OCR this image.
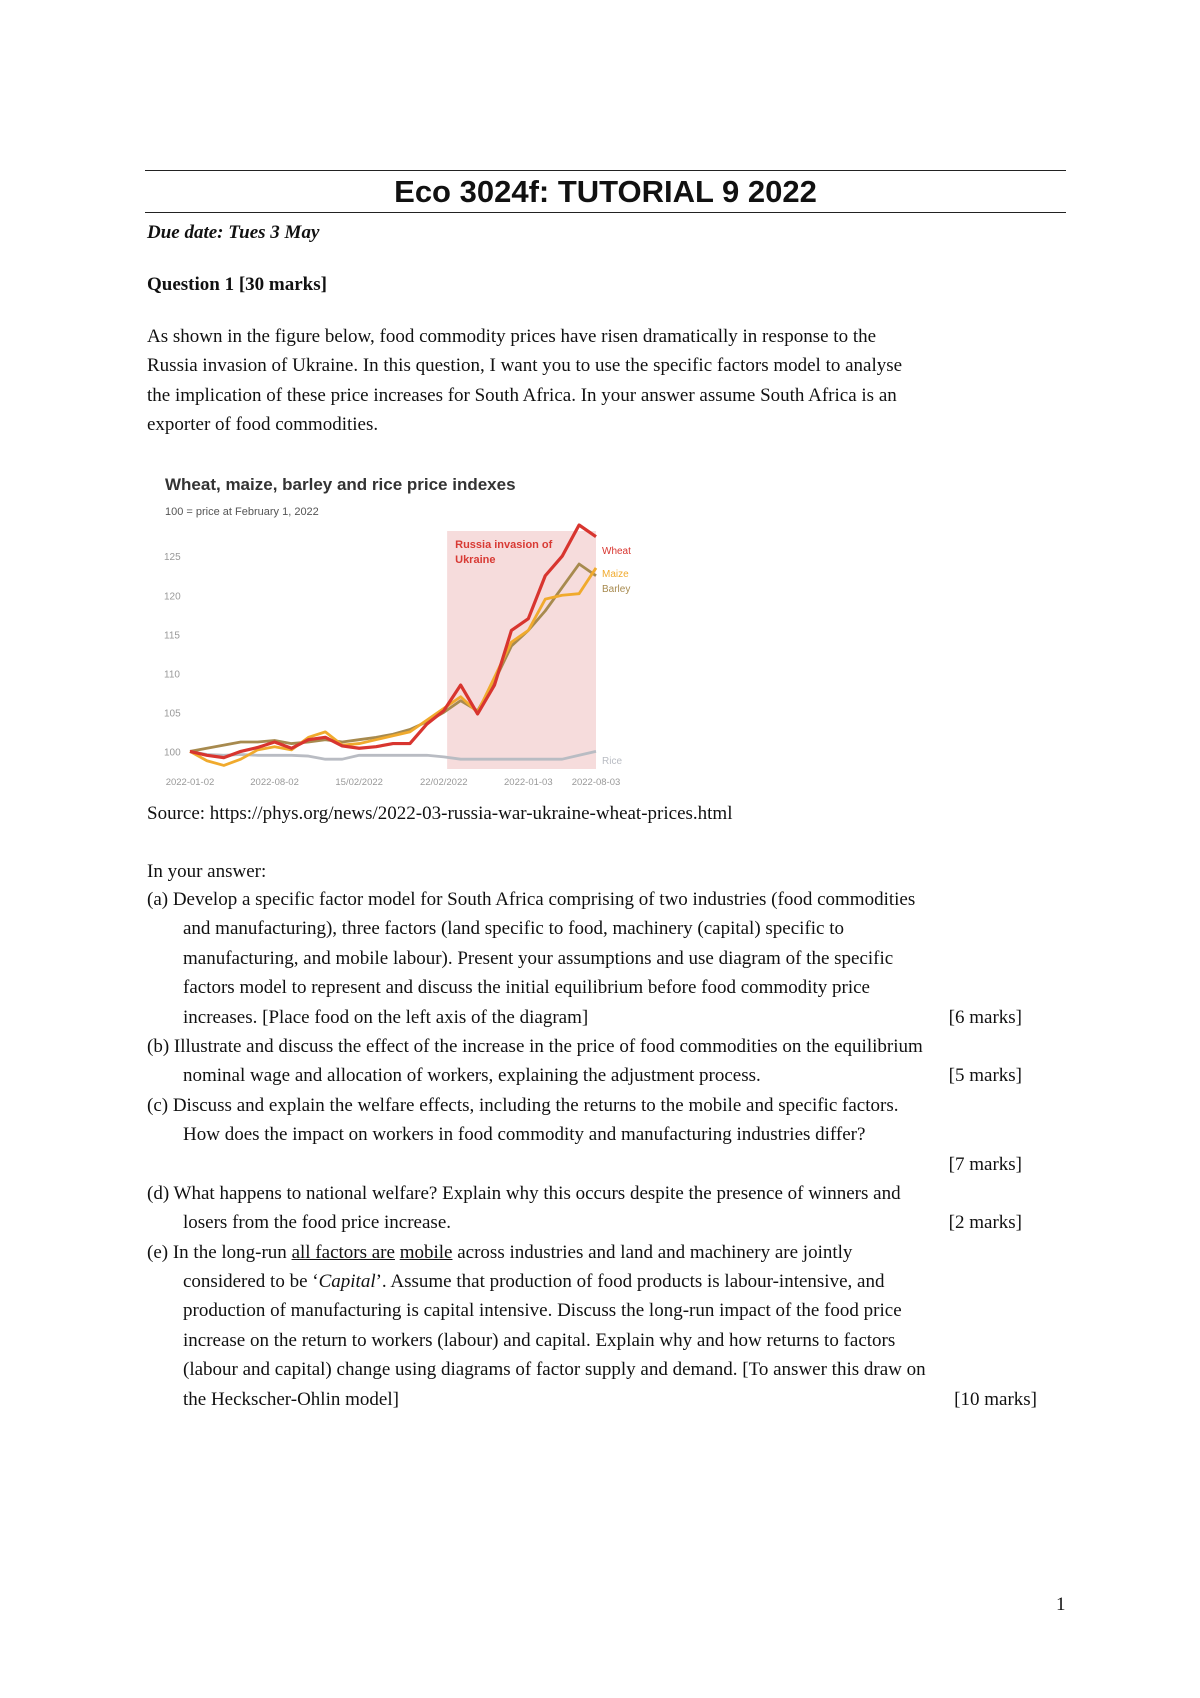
Eco 3024f: TUTORIAL 9 2022
Due date: Tues 3 May
Question 1 [30 marks]
As shown in the figure below, food commodity prices have risen dramatically in response to the
Russia invasion of Ukraine. In this question, I want you to use the specific factors model to analyse
the implication of these price increases for South Africa. In your answer assume South Africa is an
exporter of food commodities.
Russia invasion of
Ukraine
Wheat, maize, barley and rice price indexes
100 = price at February 1, 2022
100
105
110
115
120
125
2022-01-02	2022-08-02	15/02/2022	22/02/2022	2022-01-03 2022-08-03
Wheat
Maize
Barley
Rice
Source: https://phys.org/news/2022-03-russia-war-ukraine-wheat-prices.html
In your answer:
(a) Develop a specific factor model for South Africa comprising of two industries (food commodities
and manufacturing), three factors (land specific to food, machinery (capital) specific to
manufacturing, and mobile labour). Present your assumptions and use diagram of the specific
factors model to represent and discuss the initial equilibrium before food commodity price
increases. [Place food on the left axis of the diagram]	[6 marks]
(b) Illustrate and discuss the effect of the increase in the price of food commodities on the equilibrium
nominal wage and allocation of workers, explaining the adjustment process.	[5 marks]
(c) Discuss and explain the welfare effects, including the returns to the mobile and specific factors.
How does the impact on workers in food commodity and manufacturing industries differ?
[7 marks]
(d) What happens to national welfare? Explain why this occurs despite the presence of winners and
losers from the food price increase.	[2 marks]
(e) In the long-run all factors are mobile across industries and land and machinery are jointly
considered to be ‘Capital’. Assume that production of food products is labour-intensive, and
production of manufacturing is capital intensive. Discuss the long-run impact of the food price
increase on the return to workers (labour) and capital. Explain why and how returns to factors
(labour and capital) change using diagrams of factor supply and demand. [To answer this draw on
the Heckscher-Ohlin model]	[10 marks]
1
